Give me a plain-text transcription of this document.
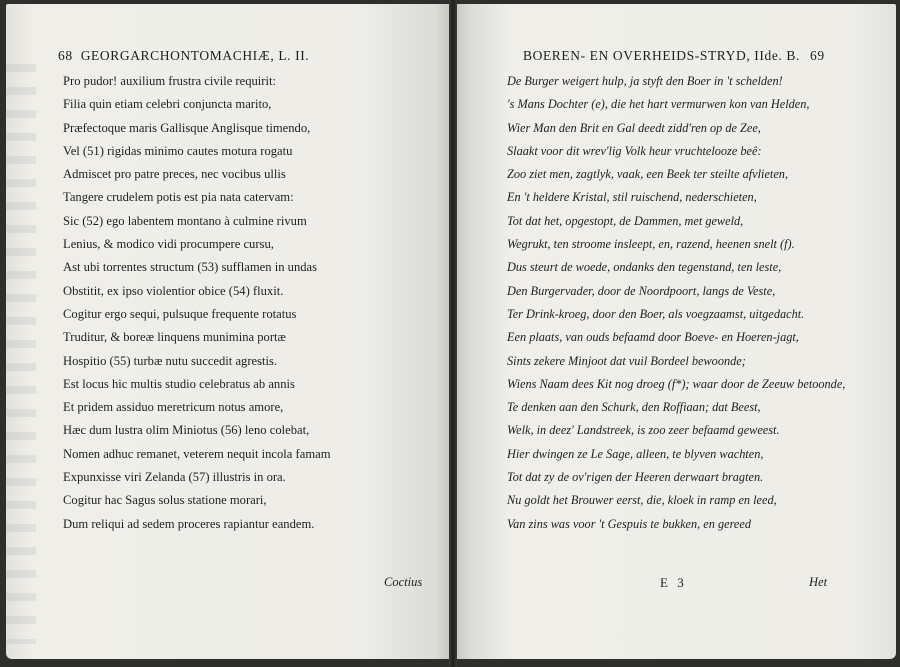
68 GEORGARCHONTOMACHIÆ, L. II.
Pro pudor! auxilium frustra civile requirit:
Filia quin etiam celebri conjuncta marito,
Præfectoque maris Gallisque Anglisque timendo,
Vel (51) rigidas minimo cautes motura rogatu
Admiscet pro patre preces, nec vocibus ullis
Tangere crudelem potis est pia nata catervam:
Sic (52) ego labentem montano à culmine rivum
Lenius, & modico vidi procumpere cursu,
Ast ubi torrentes structum (53) sufflamen in undas
Obstitit, ex ipso violentior obice (54) fluxit.
Cogitur ergo sequi, pulsuque frequente rotatus
Truditur, & boreæ linquens munimina portæ
Hospitio (55) turbæ nutu succedit agrestis.
Est locus hic multis studio celebratus ab annis
Et pridem assiduo meretricum notus amore,
Hæc dum lustra olim Miniotus (56) leno colebat,
Nomen adhuc remanet, veterem nequit incola famam
Expunxisse viri Zelanda (57) illustris in ora.
Cogitur hac Sagus solus statione morari,
Dum reliqui ad sedem proceres rapiantur eandem.
Coctius
BOEREN- EN OVERHEIDS-STRYD, IIde. B. 69
De Burger weigert hulp, ja styft den Boer in 't schelden!
's Mans Dochter (e), die het hart vermurwen kon van Helden,
Wier Man den Brit en Gal deedt zidd'ren op de Zee,
Slaakt voor dit wrev'lig Volk heur vruchtelooze beê:
Zoo ziet men, zagtlyk, vaak, een Beek ter steilte afvlieten,
En 't heldere Kristal, stil ruischend, nederschieten,
Tot dat het, opgestopt, de Dammen, met geweld,
Wegrukt, ten stroome insleept, en, razend, heenen snelt (f).
Dus steurt de woede, ondanks den tegenstand, ten leste,
Den Burgervader, door de Noordpoort, langs de Veste,
Ter Drink-kroeg, door den Boer, als voegzaamst, uitgedacht.
Een plaats, van ouds befaamd door Boeve- en Hoeren-jagt,
Sints zekere Minjoot dat vuil Bordeel bewoonde;
Wiens Naam dees Kit nog droeg (f*); waar door de Zeeuw betoonde,
Te denken aan den Schurk, den Roffiaan; dat Beest,
Welk, in deez' Landstreek, is zoo zeer befaamd geweest.
Hier dwingen ze Le Sage, alleen, te blyven wachten,
Tot dat zy de ov'rigen der Heeren derwaart bragten.
Nu goldt het Brouwer eerst, die, kloek in ramp en leed,
Van zins was voor 't Gespuis te bukken, en gereed
E 3	Het
